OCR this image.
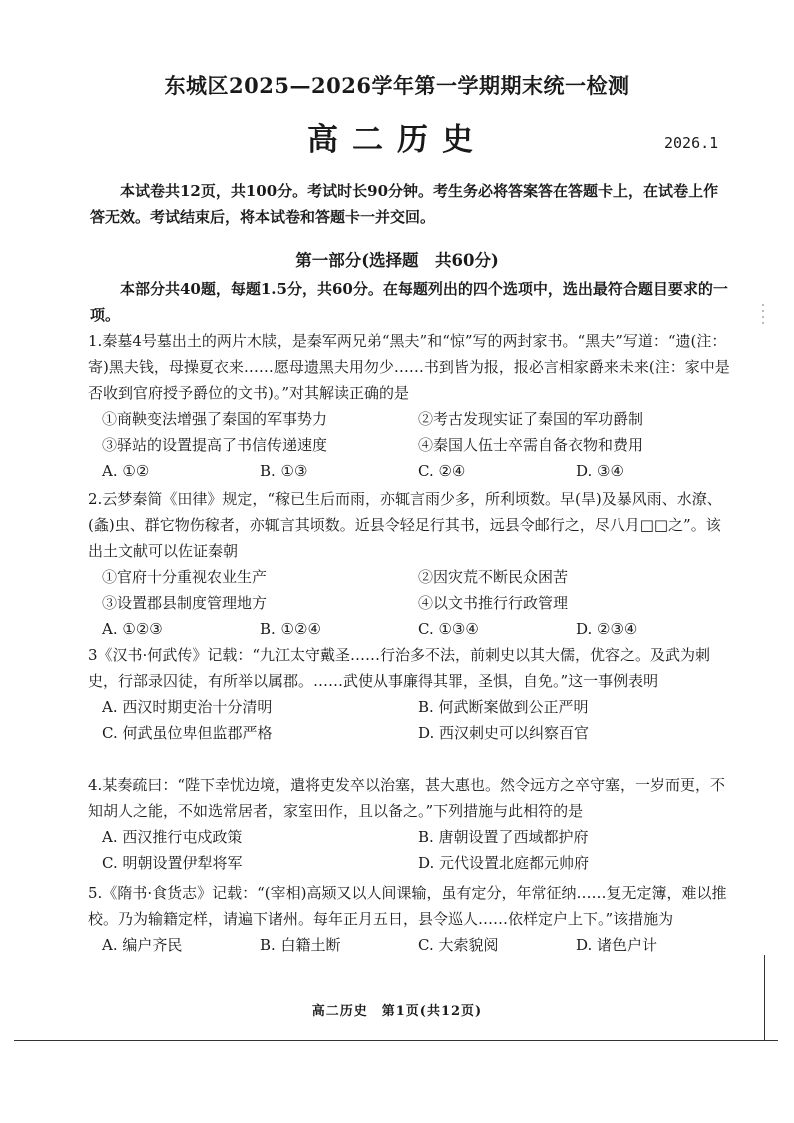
东城区2025—2026学年第一学期期末统一检测
高二历史	2026.1
本试卷共12页，共100分。考试时长90分钟。考生务必将答案答在答题卡上，在试卷上作答无效。考试结束后，将本试卷和答题卡一并交回。
第一部分(选择题　共60分)
本部分共40题，每题1.5分，共60分。在每题列出的四个选项中，选出最符合题目要求的一项。
1.秦墓4号墓出土的两片木牍，是秦军两兄弟“黑夫”和“惊”写的两封家书。“黑夫”写道：“遗(注：寄)黑夫钱，母操夏衣来……愿母遗黑夫用勿少……书到皆为报，报必言相家爵来未来(注：家中是否收到官府授予爵位的文书)。”对其解读正确的是
①商鞅变法增强了秦国的军事势力	②考古发现实证了秦国的军功爵制
③驿站的设置提高了书信传递速度	④秦国人伍士卒需自备衣物和费用
A. ①②	B. ①③	C. ②④	D. ③④
2.云梦秦简《田律》规定，“稼已生后而雨，亦辄言雨少多，所利顷数。早(旱)及暴风雨、水潦、(螽)虫、群它物伤稼者，亦辄言其顷数。近县令轻足行其书，远县令邮行之，尽八月□□之”。该出土文献可以佐证秦朝
①官府十分重视农业生产	②因灾荒不断民众困苦
③设置郡县制度管理地方	④以文书推行行政管理
A. ①②③	B. ①②④	C. ①③④	D. ②③④
3《汉书·何武传》记载：“九江太守戴圣……行治多不法，前刺史以其大儒，优容之。及武为刺史，行部录囚徒，有所举以属郡。……武使从事廉得其罪，圣惧，自免。”这一事例表明
A. 西汉时期吏治十分清明	B. 何武断案做到公正严明
C. 何武虽位卑但监郡严格	D. 西汉刺史可以纠察百官
4.某奏疏曰：“陛下幸忧边境，遣将吏发卒以治塞，甚大惠也。然令远方之卒守塞，一岁而更，不知胡人之能，不如选常居者，家室田作，且以备之。”下列措施与此相符的是
A. 西汉推行屯戍政策	B. 唐朝设置了西域都护府
C. 明朝设置伊犁将军	D. 元代设置北庭都元帅府
5.《隋书·食货志》记载：“(宰相)高颎又以人间课输，虽有定分，年常征纳……复无定簿，难以推校。乃为输籍定样，请遍下诸州。每年正月五日，县令巡人……依样定户上下。”该措施为
A. 编户齐民	B. 白籍土断	C. 大索貌阅	D. 诸色户计
高二历史　第1页(共12页)
